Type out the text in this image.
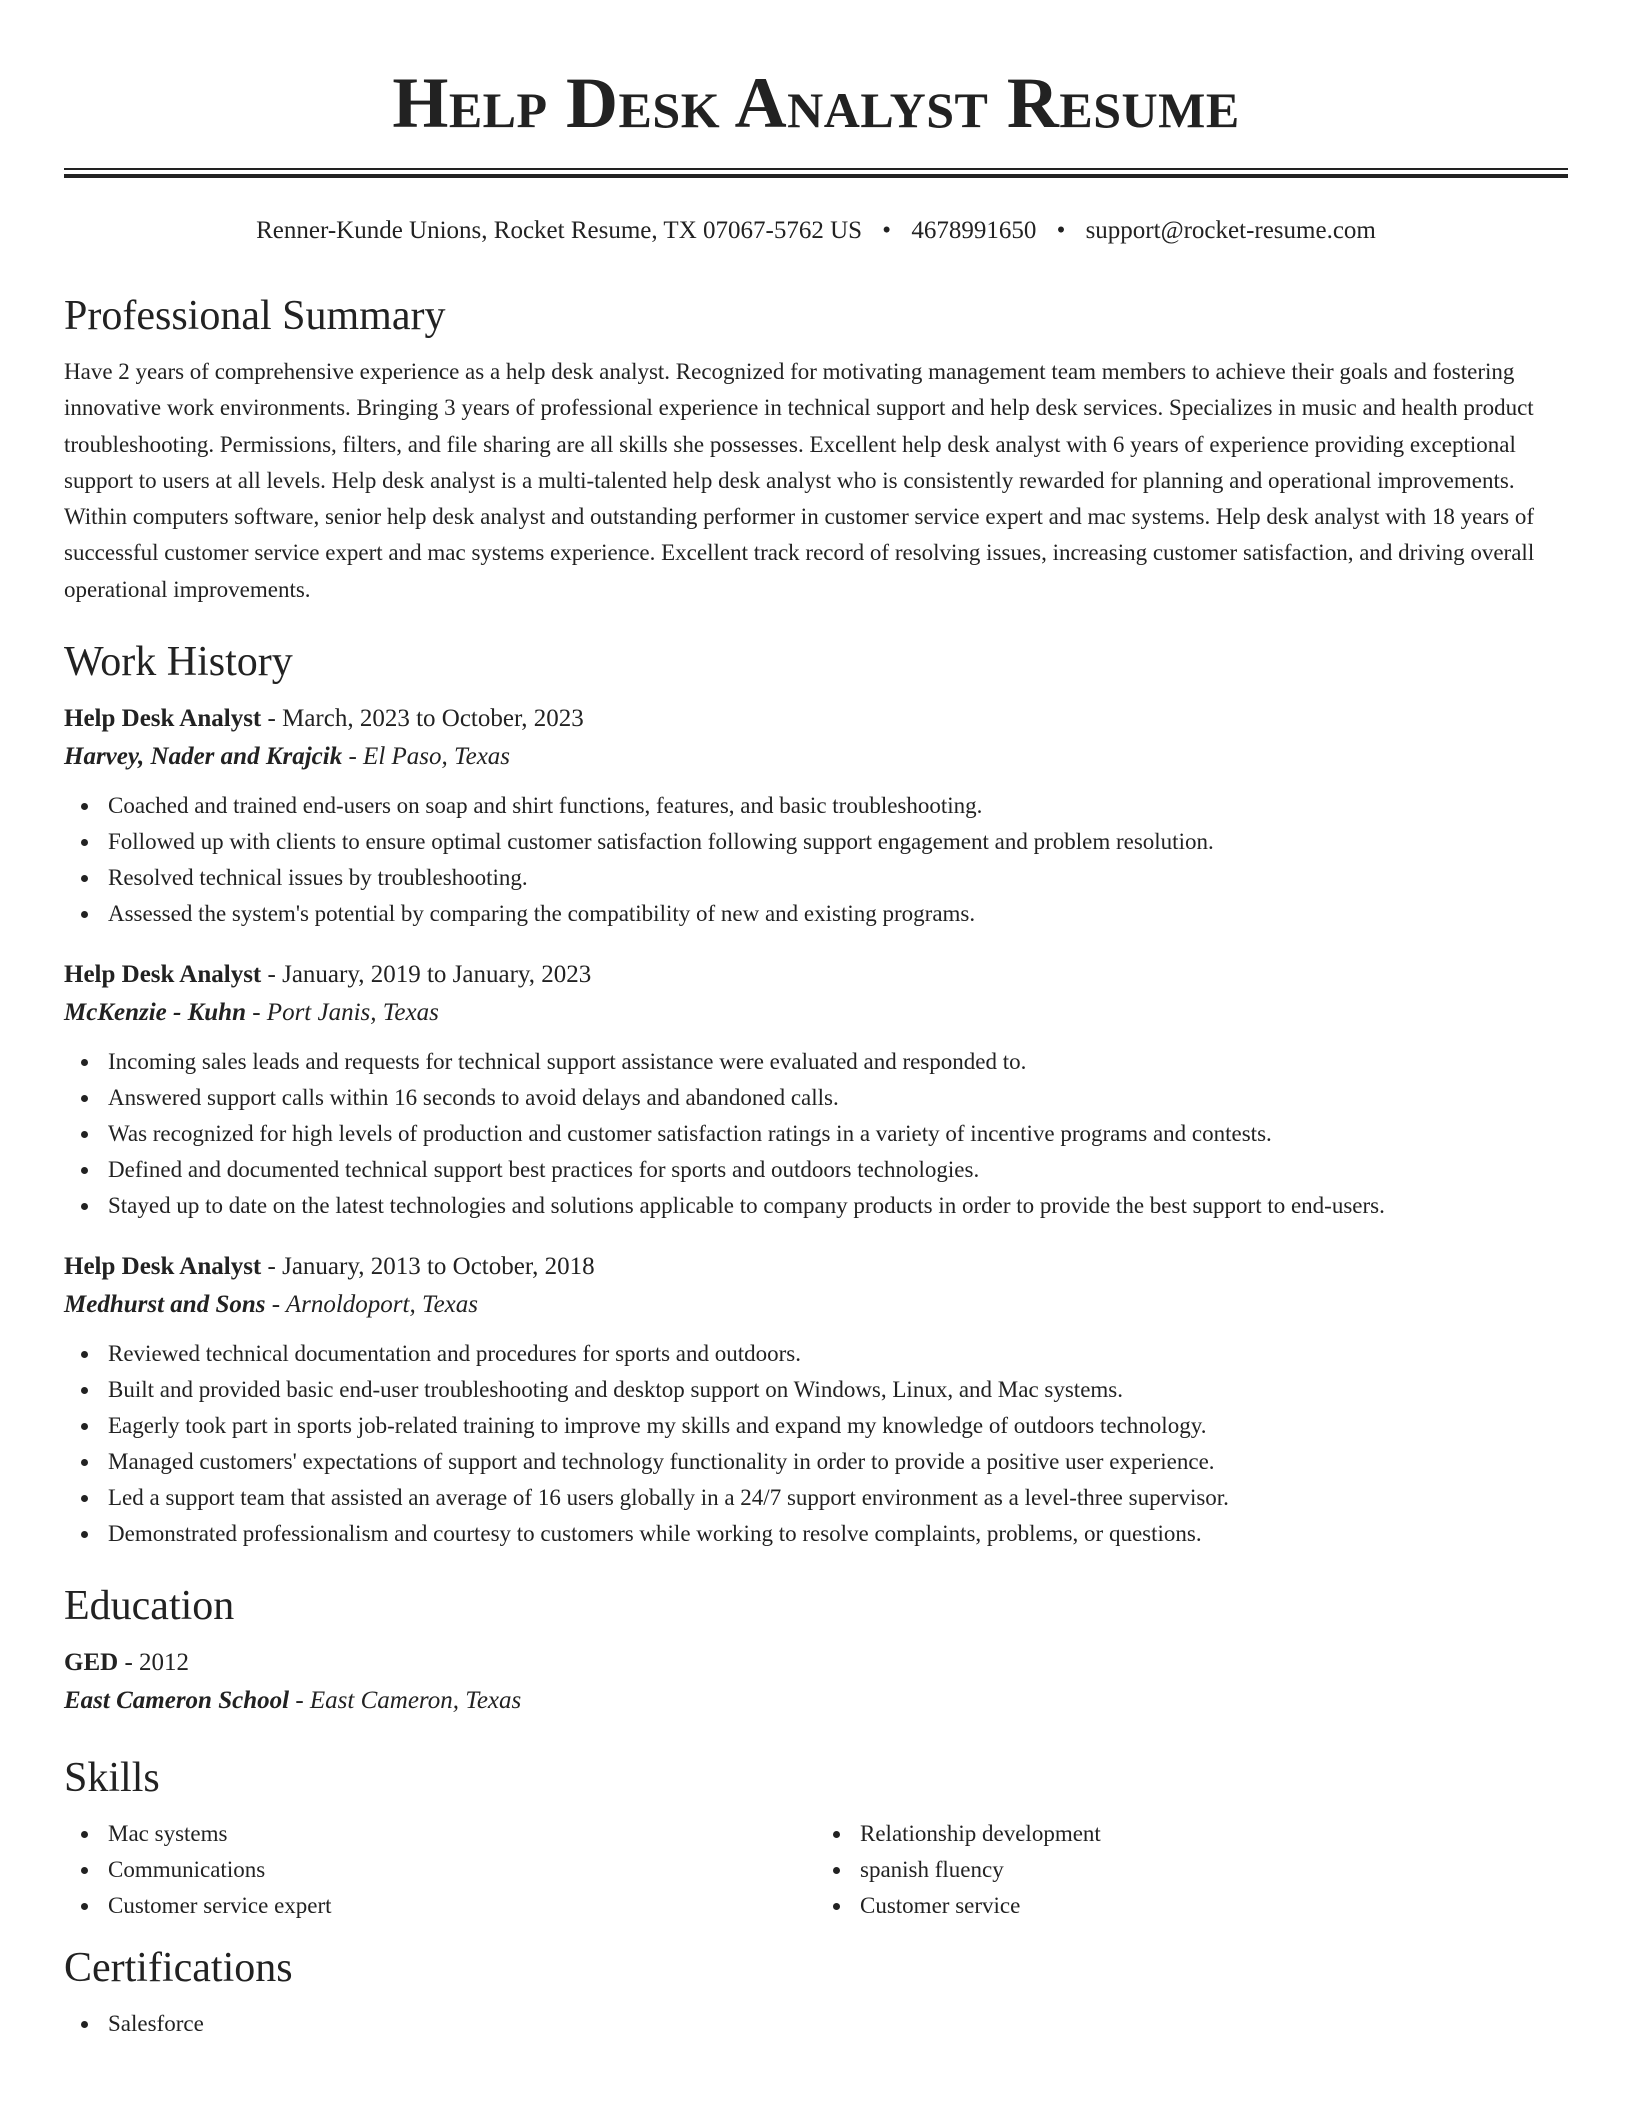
Help Desk Analyst Resume
Renner-Kunde Unions, Rocket Resume, TX 07067-5762 US • 4678991650 • support@rocket-resume.com
Professional Summary

Have 2 years of comprehensive experience as a help desk analyst. Recognized for motivating management team members to achieve their goals and fostering innovative work environments. Bringing 3 years of professional experience in technical support and help desk services. Specializes in music and health product troubleshooting. Permissions, filters, and file sharing are all skills she possesses. Excellent help desk analyst with 6 years of experience providing exceptional support to users at all levels. Help desk analyst is a multi-talented help desk analyst who is consistently rewarded for planning and operational improvements. Within computers software, senior help desk analyst and outstanding performer in customer service expert and mac systems. Help desk analyst with 18 years of successful customer service expert and mac systems experience. Excellent track record of resolving issues, increasing customer satisfaction, and driving overall operational improvements.

Work History
Help Desk Analyst - March, 2023 to October, 2023
Harvey, Nader and Krajcik - El Paso, Texas
Coached and trained end-users on soap and shirt functions, features, and basic troubleshooting.
Followed up with clients to ensure optimal customer satisfaction following support engagement and problem resolution.
Resolved technical issues by troubleshooting.
Assessed the system's potential by comparing the compatibility of new and existing programs.
Help Desk Analyst - January, 2019 to January, 2023
McKenzie - Kuhn - Port Janis, Texas
Incoming sales leads and requests for technical support assistance were evaluated and responded to.
Answered support calls within 16 seconds to avoid delays and abandoned calls.
Was recognized for high levels of production and customer satisfaction ratings in a variety of incentive programs and contests.
Defined and documented technical support best practices for sports and outdoors technologies.
Stayed up to date on the latest technologies and solutions applicable to company products in order to provide the best support to end-users.
Help Desk Analyst - January, 2013 to October, 2018
Medhurst and Sons - Arnoldoport, Texas
Reviewed technical documentation and procedures for sports and outdoors.
Built and provided basic end-user troubleshooting and desktop support on Windows, Linux, and Mac systems.
Eagerly took part in sports job-related training to improve my skills and expand my knowledge of outdoors technology.
Managed customers' expectations of support and technology functionality in order to provide a positive user experience.
Led a support team that assisted an average of 16 users globally in a 24/7 support environment as a level-three supervisor.
Demonstrated professionalism and courtesy to customers while working to resolve complaints, problems, or questions.
Education
GED - 2012
East Cameron School - East Cameron, Texas
Skills
Mac systems
Communications
Customer service expert
Relationship development
spanish fluency
Customer service
Certifications
Salesforce
